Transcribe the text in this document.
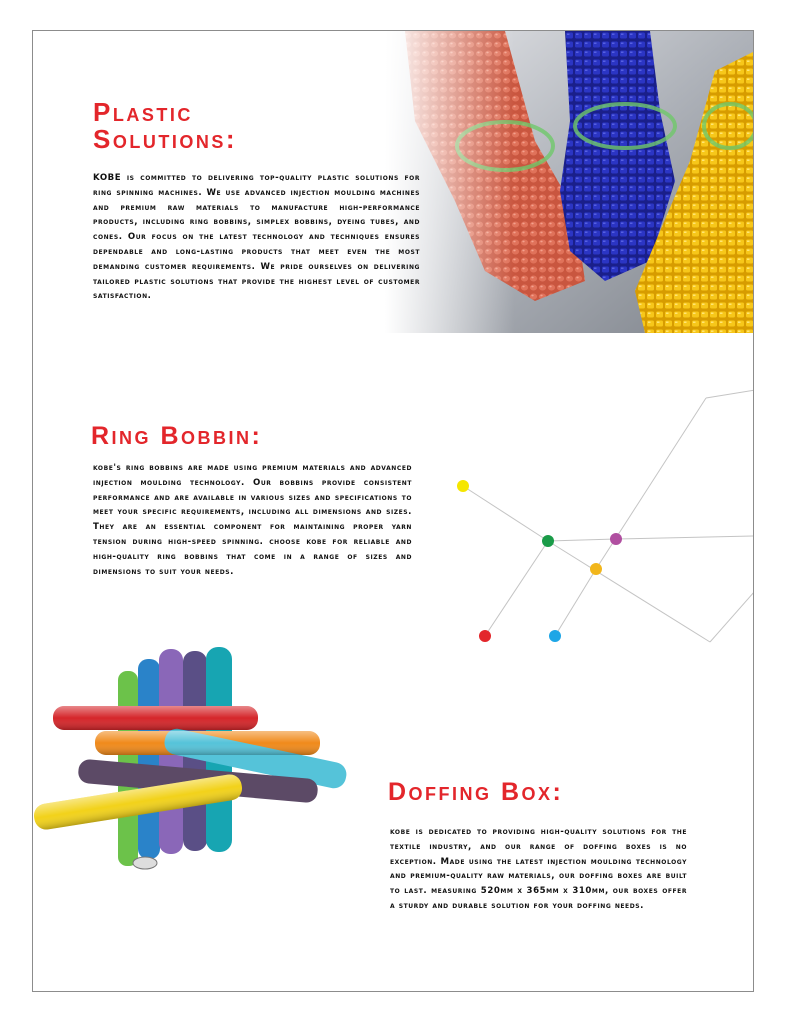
Plastic
Solutions:

KOBE is committed to delivering top-quality plastic solutions for ring spinning machines. We use advanced injection moulding machines and premium raw materials to manufacture high-performance products, including ring bobbins, simplex bobbins, dyeing tubes, and cones. Our focus on the latest technology and techniques ensures dependable and long-lasting products that meet even the most demanding customer requirements. We pride ourselves on delivering tailored plastic solutions that provide the highest level of customer satisfaction.

Ring Bobbin:

kobe's ring bobbins are made using premium materials and advanced injection moulding technology. Our bobbins provide consistent performance and are available in various sizes and specifications to meet your specific requirements, including all dimensions and sizes. They are an essential component for maintaining proper yarn tension during high-speed spinning. choose kobe for reliable and high-quality ring bobbins that come in a range of sizes and dimensions to suit your needs.

Doffing Box:

kobe is dedicated to providing high-quality solutions for the textile industry, and our range of doffing boxes is no exception. Made using the latest injection moulding technology and premium-quality raw materials, our doffing boxes are built to last. measuring 520mm x 365mm x 310mm, our boxes offer a sturdy and durable solution for your doffing needs.
